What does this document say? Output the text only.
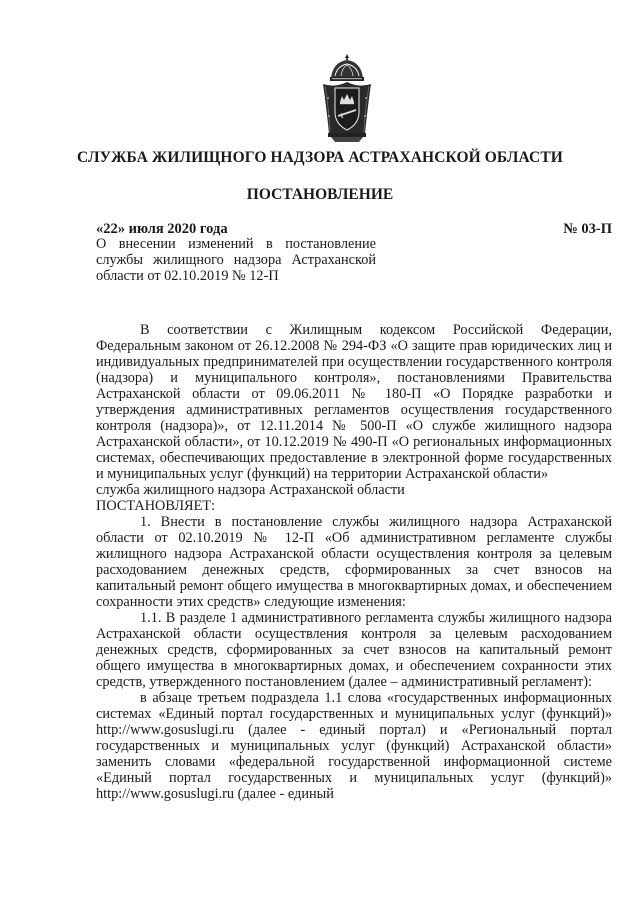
СЛУЖБА ЖИЛИЩНОГО НАДЗОРА АСТРАХАНСКОЙ ОБЛАСТИ
ПОСТАНОВЛЕНИЕ
«22» июля 2020 года	№ 03-П
О внесении изменений в постановление службы жилищного надзора Астраханской области от 02.10.2019 № 12-П

В соответствии с Жилищным кодексом Российской Федерации, Федеральным законом от 26.12.2008 № 294-ФЗ «О защите прав юридических лиц и индивидуальных предпринимателей при осуществлении государственного контроля (надзора) и муниципального контроля», постановлениями Правительства Астраханской области от 09.06.2011 № 180-П «О Порядке разработки и утверждения административных регламентов осуществления государственного контроля (надзора)», от 12.11.2014 № 500-П «О службе жилищного надзора Астраханской области», от 10.12.2019 № 490-П «О региональных информационных системах, обеспечивающих предоставление в электронной форме государственных и муниципальных услуг (функций) на территории Астраханской области»

служба жилищного надзора Астраханской области

ПОСТАНОВЛЯЕТ:

1. Внести в постановление службы жилищного надзора Астраханской области от 02.10.2019 № 12-П «Об административном регламенте службы жилищного надзора Астраханской области осуществления контроля за целевым расходованием денежных средств, сформированных за счет взносов на капитальный ремонт общего имущества в многоквартирных домах, и обеспечением сохранности этих средств» следующие изменения:

1.1. В разделе 1 административного регламента службы жилищного надзора Астраханской области осуществления контроля за целевым расходованием денежных средств, сформированных за счет взносов на капитальный ремонт общего имущества в многоквартирных домах, и обеспечением сохранности этих средств, утвержденного постановлением (далее – административный регламент):

в абзаце третьем подраздела 1.1 слова «государственных информационных системах «Единый портал государственных и муниципальных услуг (функций)» http://www.gosuslugi.ru (далее - единый портал) и «Региональный портал государственных и муниципальных услуг (функций) Астраханской области» заменить словами «федеральной государственной информационной системе «Единый портал государственных и муниципальных услуг (функций)» http://www.gosuslugi.ru (далее - единый
